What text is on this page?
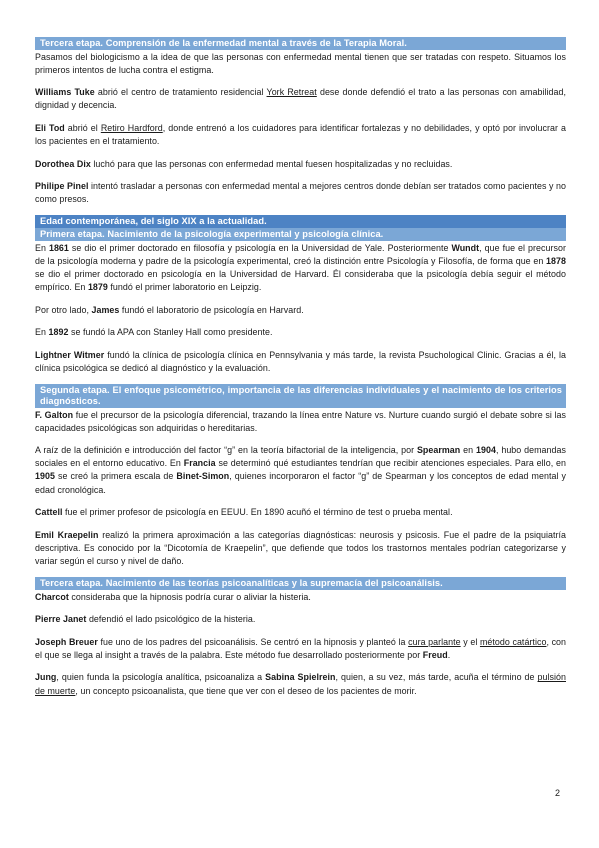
Tercera etapa. Comprensión de la enfermedad mental a través de la Terapia Moral.

Pasamos del biologicismo a la idea de que las personas con enfermedad mental tienen que ser tratadas con respeto. Situamos los primeros intentos de lucha contra el estigma.

Williams Tuke abrió el centro de tratamiento residencial York Retreat dese donde defendió el trato a las personas con amabilidad, dignidad y decencia.

Eli Tod abrió el Retiro Hardford, donde entrenó a los cuidadores para identificar fortalezas y no debilidades, y optó por involucrar a los pacientes en el tratamiento.

Dorothea Dix luchó para que las personas con enfermedad mental fuesen hospitalizadas y no recluidas.

Philipe Pinel intentó trasladar a personas con enfermedad mental a mejores centros donde debían ser tratados como pacientes y no como presos.

Edad contemporánea, del siglo XIX a la actualidad.
Primera etapa. Nacimiento de la psicología experimental y psicología clínica.

En 1861 se dio el primer doctorado en filosofía y psicología en la Universidad de Yale. Posteriormente Wundt, que fue el precursor de la psicología moderna y padre de la psicología experimental, creó la distinción entre Psicología y Filosofía, de forma que en 1878 se dio el primer doctorado en psicología en la Universidad de Harvard. Él consideraba que la psicología debía seguir el método empírico. En 1879 fundó el primer laboratorio en Leipzig.

Por otro lado, James fundó el laboratorio de psicología en Harvard.

En 1892 se fundó la APA con Stanley Hall como presidente.

Lightner Witmer fundó la clínica de psicología clínica en Pennsylvania y más tarde, la revista Psuchological Clinic. Gracias a él, la clínica psicológica se dedicó al diagnóstico y la evaluación.

Segunda etapa. El enfoque psicométrico, importancia de las diferencias individuales y el nacimiento de los criterios diagnósticos.

F. Galton fue el precursor de la psicología diferencial, trazando la línea entre Nature vs. Nurture cuando surgió el debate sobre si las capacidades psicológicas son adquiridas o hereditarias.

A raíz de la definición e introducción del factor “g” en la teoría bifactorial de la inteligencia, por Spearman en 1904, hubo demandas sociales en el entorno educativo. En Francia se determinó qué estudiantes tendrían que recibir atenciones especiales. Para ello, en 1905 se creó la primera escala de Binet-Simon, quienes incorporaron el factor “g” de Spearman y los conceptos de edad mental y edad cronológica.

Cattell fue el primer profesor de psicología en EEUU. En 1890 acuñó el término de test o prueba mental.

Emil Kraepelin realizó la primera aproximación a las categorías diagnósticas: neurosis y psicosis. Fue el padre de la psiquiatría descriptiva. Es conocido por la “Dicotomía de Kraepelin”, que defiende que todos los trastornos mentales podrían categorizarse y variar según el curso y nivel de daño.

Tercera etapa. Nacimiento de las teorías psicoanalíticas y la supremacía del psicoanálisis.

Charcot consideraba que la hipnosis podría curar o aliviar la histeria.

Pierre Janet defendió el lado psicológico de la histeria.

Joseph Breuer fue uno de los padres del psicoanálisis. Se centró en la hipnosis y planteó la cura parlante y el método catártico, con el que se llega al insight a través de la palabra. Este método fue desarrollado posteriormente por Freud.

Jung, quien funda la psicología analítica, psicoanaliza a Sabina Spielrein, quien, a su vez, más tarde, acuña el término de pulsión de muerte, un concepto psicoanalista, que tiene que ver con el deseo de los pacientes de morir.

2
